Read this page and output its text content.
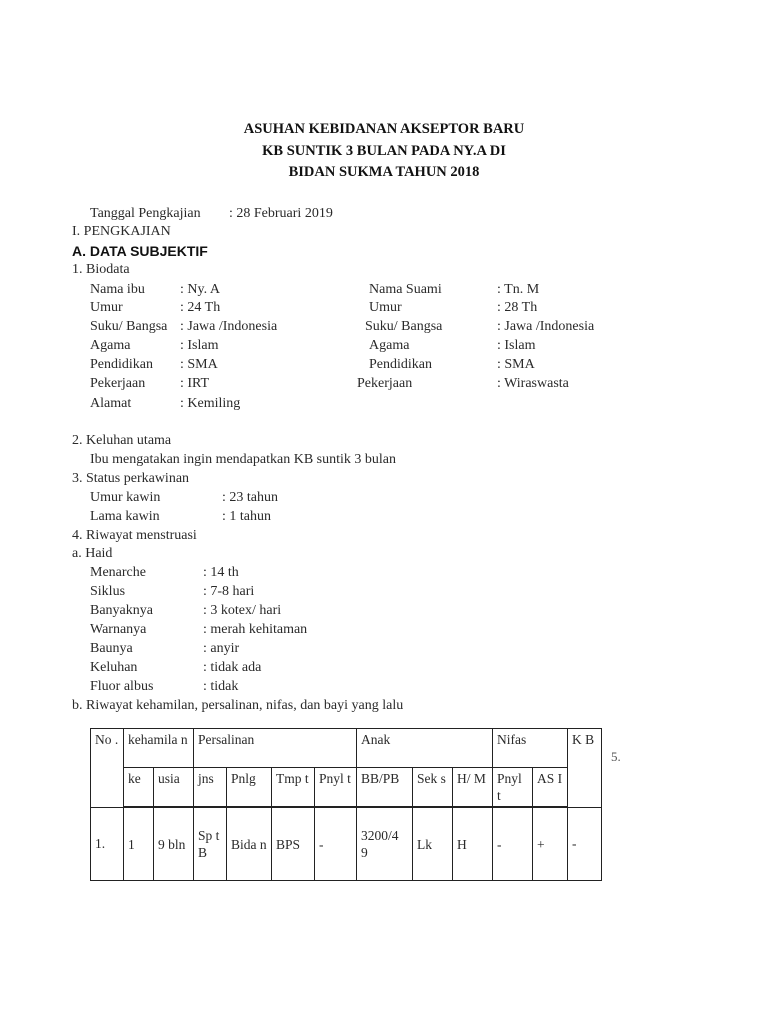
ASUHAN KEBIDANAN AKSEPTOR BARU
KB SUNTIK 3 BULAN PADA NY.A DI
BIDAN SUKMA TAHUN 2018
Tanggal Pengkajian : 28 Februari 2019
I. PENGKAJIAN
A. DATA SUBJEKTIF
1. Biodata
Nama ibu	: Ny. A
Umur	: 24 Th
Suku/ Bangsa : Jawa /Indonesia
Agama	: Islam
Pendidikan : SMA
Pekerjaan : IRT
Alamat	: Kemiling
Nama Suami	: Tn. M
Umur	: 28 Th
Suku/ Bangsa	: Jawa /Indonesia
Agama	: Islam
Pendidikan	: SMA
Pekerjaan	: Wiraswasta
2. Keluhan utama
Ibu mengatakan ingin mendapatkan KB suntik 3 bulan
3. Status perkawinan
Umur kawin	: 23 tahun
Lama kawin	: 1 tahun
4. Riwayat menstruasi
a. Haid
Menarche	: 14 th
Siklus	: 7-8 hari
Banyaknya	: 3 kotex/ hari
Warnanya	: merah kehitaman
Baunya	: anyir
Keluhan	: tidak ada
Fluor albus	: tidak
b. Riwayat kehamilan, persalinan, nifas, dan bayi yang lalu
No .	kehamila n		Persalinan				Anak			Nifas		K B
	ke	usia	jns	Pnlg	Tmp t	Pnyl t	BB/PB	Sek s	H/ M	Pnyl t	AS I	
1.	1	9 bln	Sp t B	Bida n	BPS	-	3200/4 9	Lk	H	-	+	-
5.
